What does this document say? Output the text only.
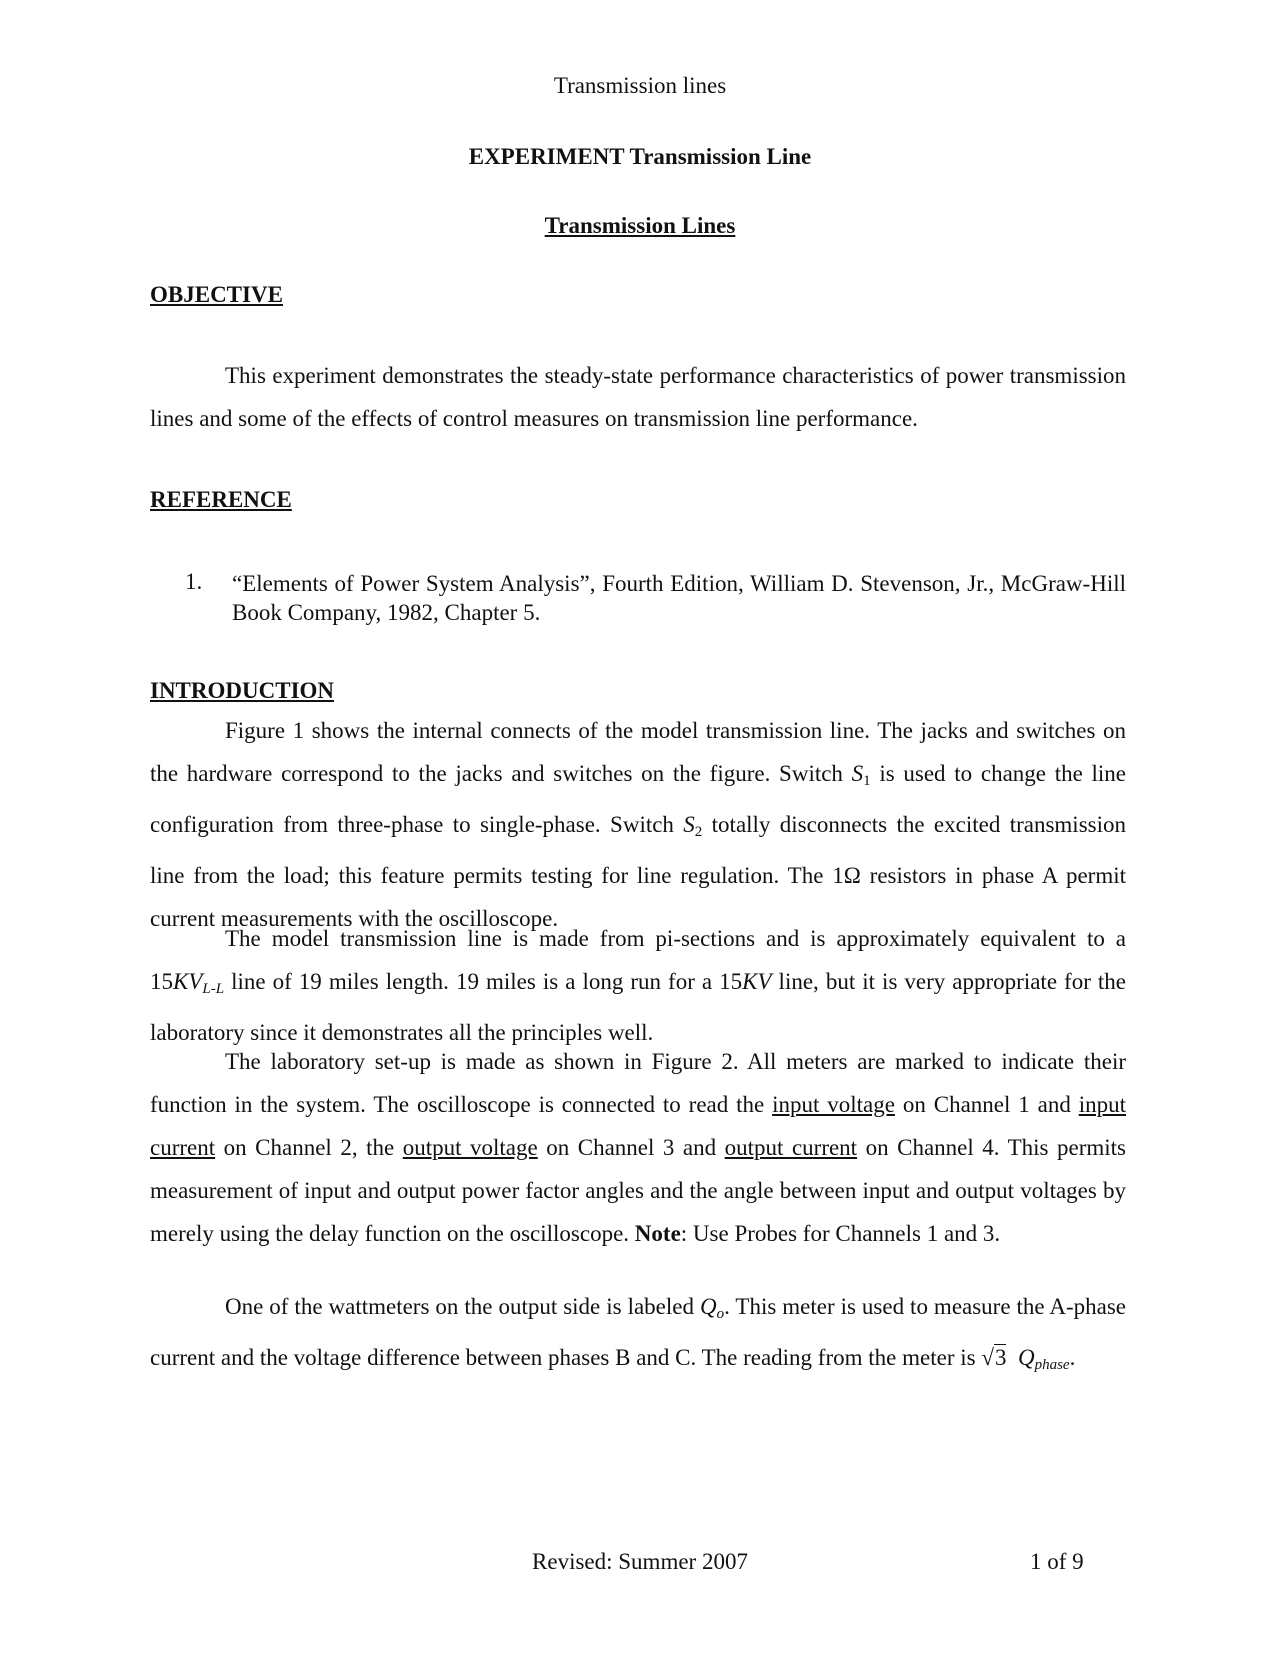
Transmission lines
EXPERIMENT Transmission Line
Transmission Lines
OBJECTIVE

This experiment demonstrates the steady-state performance characteristics of power transmission lines and some of the effects of control measures on transmission line performance.

REFERENCE
1. “Elements of Power System Analysis”, Fourth Edition, William D. Stevenson, Jr., McGraw-Hill Book Company, 1982, Chapter 5.
INTRODUCTION

Figure 1 shows the internal connects of the model transmission line. The jacks and switches on the hardware correspond to the jacks and switches on the figure. Switch $S_1$ is used to change the line configuration from three-phase to single-phase. Switch $S_2$ totally disconnects the excited transmission line from the load; this feature permits testing for line regulation. The 1Ω resistors in phase A permit current measurements with the oscilloscope.

The model transmission line is made from pi-sections and is approximately equivalent to a $15KV_{L-L}$ line of 19 miles length. 19 miles is a long run for a 15KV line, but it is very appropriate for the laboratory since it demonstrates all the principles well.

The laboratory set-up is made as shown in Figure 2. All meters are marked to indicate their function in the system. The oscilloscope is connected to read the input voltage on Channel 1 and input current on Channel 2, the output voltage on Channel 3 and output current on Channel 4. This permits measurement of input and output power factor angles and the angle between input and output voltages by merely using the delay function on the oscilloscope. Note: Use Probes for Channels 1 and 3.

One of the wattmeters on the output side is labeled $Q_o$. This meter is used to measure the A-phase current and the voltage difference between phases B and C. The reading from the meter is √3 $Q_{phase}$.

Revised: Summer 2007	1 of 9
